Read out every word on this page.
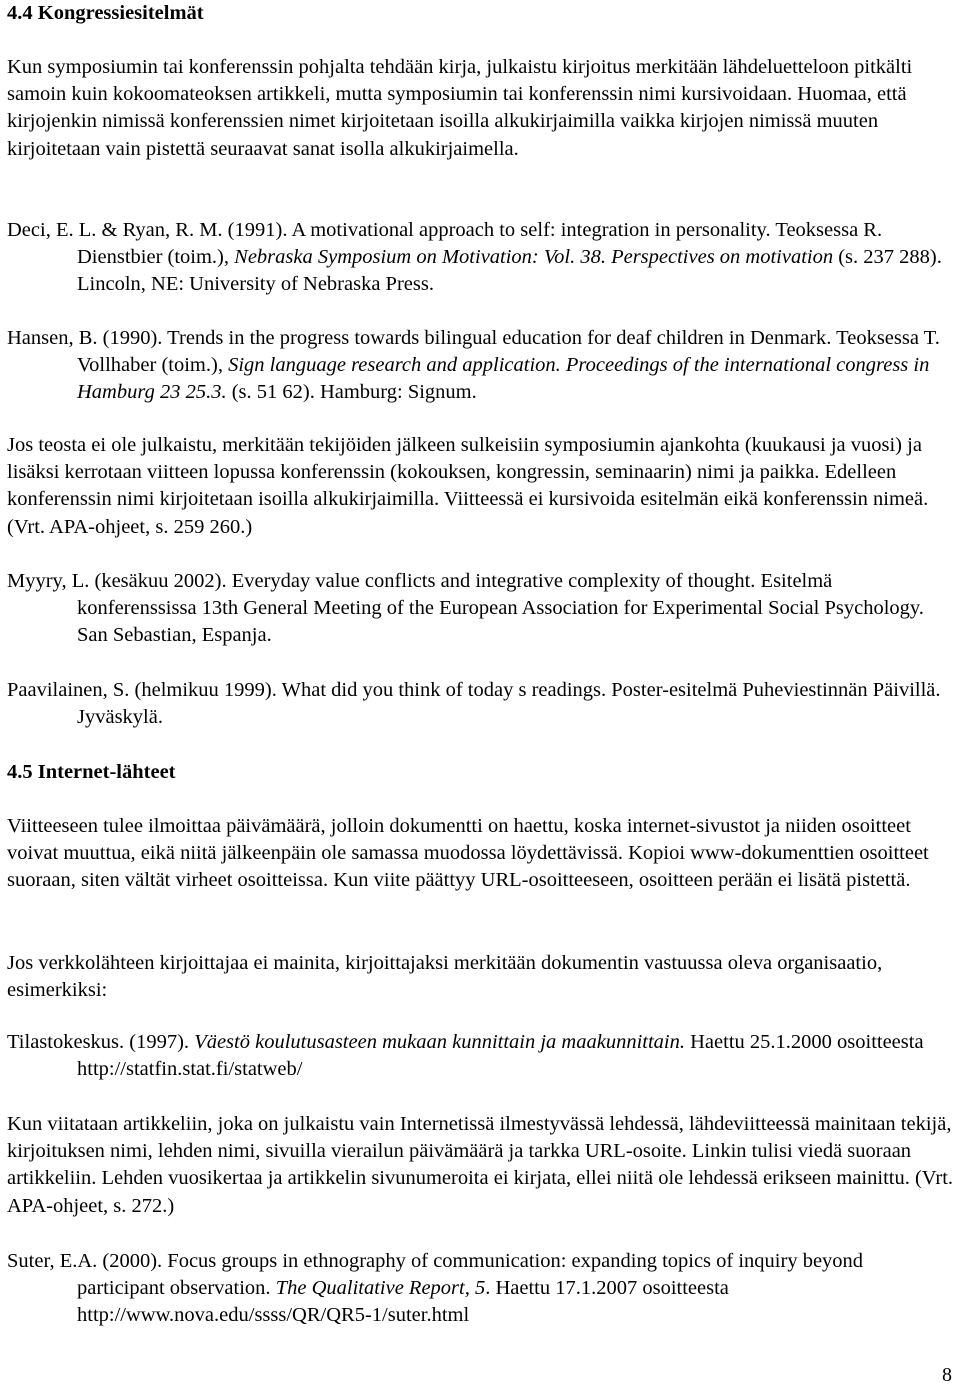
4.4 Kongressiesitelmät

Kun symposiumin tai konferenssin pohjalta tehdään kirja, julkaistu kirjoitus merkitään lähdeluetteloon pitkälti samoin kuin kokoomateoksen artikkeli, mutta symposiumin tai konferenssin nimi kursivoidaan. Huomaa, että kirjojenkin nimissä konferenssien nimet kirjoitetaan isoilla alkukirjaimilla vaikka kirjojen nimissä muuten kirjoitetaan vain pistettä seuraavat sanat isolla alkukirjaimella.

Deci, E. L. & Ryan, R. M. (1991). A motivational approach to self: integration in personality. Teoksessa R. Dienstbier (toim.), Nebraska Symposium on Motivation: Vol. 38. Perspectives on motivation (s. 237 288). Lincoln, NE: University of Nebraska Press.

Hansen, B. (1990). Trends in the progress towards bilingual education for deaf children in Denmark. Teoksessa T. Vollhaber (toim.), Sign language research and application. Proceedings of the international congress in Hamburg 23 25.3. (s. 51 62). Hamburg: Signum.

Jos teosta ei ole julkaistu, merkitään tekijöiden jälkeen sulkeisiin symposiumin ajankohta (kuukausi ja vuosi) ja lisäksi kerrotaan viitteen lopussa konferenssin (kokouksen, kongressin, seminaarin) nimi ja paikka. Edelleen konferenssin nimi kirjoitetaan isoilla alkukirjaimilla. Viitteessä ei kursivoida esitelmän eikä konferenssin nimeä. (Vrt. APA-ohjeet, s. 259 260.)

Myyry, L. (kesäkuu 2002). Everyday value conflicts and integrative complexity of thought. Esitelmä konferenssissa 13th General Meeting of the European Association for Experimental Social Psychology. San Sebastian, Espanja.

Paavilainen, S. (helmikuu 1999). What did you think of today s readings. Poster-esitelmä Puheviestinnän Päivillä. Jyväskylä.

4.5 Internet-lähteet

Viitteeseen tulee ilmoittaa päivämäärä, jolloin dokumentti on haettu, koska internet-sivustot ja niiden osoitteet voivat muuttua, eikä niitä jälkeenpäin ole samassa muodossa löydettävissä. Kopioi www-dokumenttien osoitteet suoraan, siten vältät virheet osoitteissa. Kun viite päättyy URL-osoitteeseen, osoitteen perään ei lisätä pistettä.

Jos verkkolähteen kirjoittajaa ei mainita, kirjoittajaksi merkitään dokumentin vastuussa oleva organisaatio, esimerkiksi:

Tilastokeskus. (1997). Väestö koulutusasteen mukaan kunnittain ja maakunnittain. Haettu 25.1.2000 osoitteesta http://statfin.stat.fi/statweb/

Kun viitataan artikkeliin, joka on julkaistu vain Internetissä ilmestyvässä lehdessä, lähdeviitteessä mainitaan tekijä, kirjoituksen nimi, lehden nimi, sivuilla vierailun päivämäärä ja tarkka URL-osoite. Linkin tulisi viedä suoraan artikkeliin. Lehden vuosikertaa ja artikkelin sivunumeroita ei kirjata, ellei niitä ole lehdessä erikseen mainittu. (Vrt. APA-ohjeet, s. 272.)

Suter, E.A. (2000). Focus groups in ethnography of communication: expanding topics of inquiry beyond participant observation. The Qualitative Report, 5. Haettu 17.1.2007 osoitteesta http://www.nova.edu/ssss/QR/QR5-1/suter.html

8
